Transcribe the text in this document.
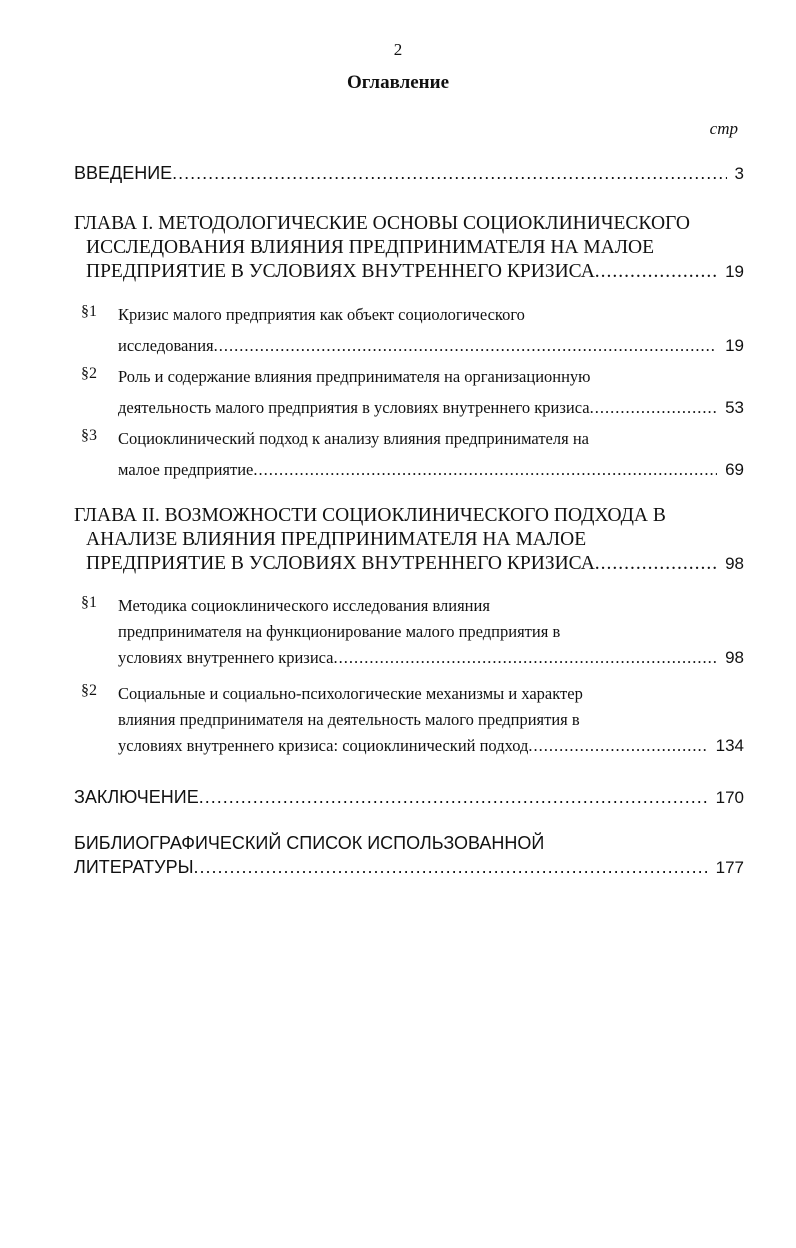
2
Оглавление
стр
ВВЕДЕНИЕ .....	3
ГЛАВА I. МЕТОДОЛОГИЧЕСКИЕ ОСНОВЫ СОЦИОКЛИНИЧЕСКОГО
ИССЛЕДОВАНИЯ ВЛИЯНИЯ ПРЕДПРИНИМАТЕЛЯ НА МАЛОЕ
ПРЕДПРИЯТИЕ В УСЛОВИЯХ ВНУТРЕННЕГО КРИЗИСА .....	19
§1 Кризис малого предприятия как объект социологического
исследования .....	19
§2 Роль и содержание влияния предпринимателя на организационную
деятельность малого предприятия в условиях внутреннего кризиса .....	53
§3 Социоклинический подход к анализу влияния предпринимателя на
малое предприятие .....	69
ГЛАВА II. ВОЗМОЖНОСТИ СОЦИОКЛИНИЧЕСКОГО ПОДХОДА В
АНАЛИЗЕ ВЛИЯНИЯ ПРЕДПРИНИМАТЕЛЯ НА МАЛОЕ
ПРЕДПРИЯТИЕ В УСЛОВИЯХ ВНУТРЕННЕГО КРИЗИСА .....	98
§1 Методика социоклинического исследования влияния
предпринимателя на функционирование малого предприятия в
условиях внутреннего кризиса .....	98
§2 Социальные и социально-психологические механизмы и характер
влияния предпринимателя на деятельность малого предприятия в
условиях внутреннего кризиса: социоклинический подход .....	134
ЗАКЛЮЧЕНИЕ .....	170
БИБЛИОГРАФИЧЕСКИЙ СПИСОК ИСПОЛЬЗОВАННОЙ
ЛИТЕРАТУРЫ .....	177
